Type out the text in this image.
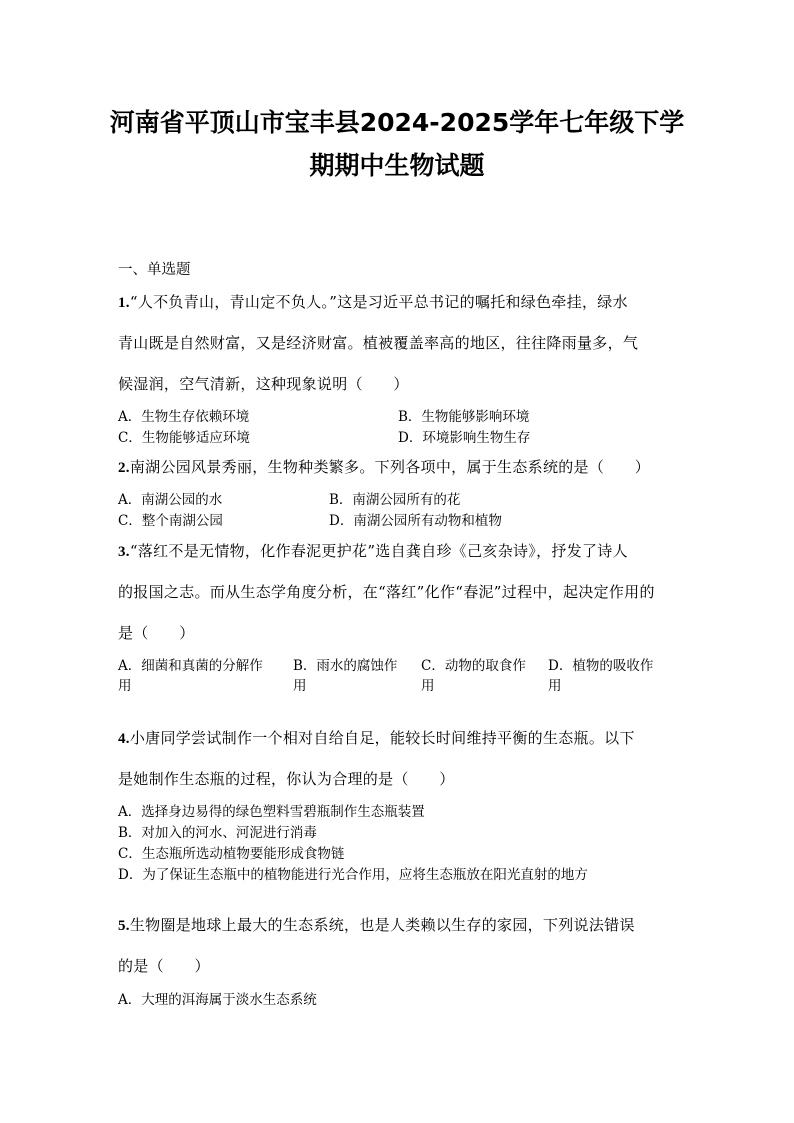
河南省平顶山市宝丰县2024-2025学年七年级下学
期期中生物试题
一、单选题
1.“人不负青山，青山定不负人。”这是习近平总书记的嘱托和绿色牵挂，绿水
青山既是自然财富，又是经济财富。植被覆盖率高的地区，往往降雨量多，气
候湿润，空气清新，这种现象说明（　　）
A．生物生存依赖环境	B．生物能够影响环境
C．生物能够适应环境	D．环境影响生物生存
2.南湖公园风景秀丽，生物种类繁多。下列各项中，属于生态系统的是（　　）
A．南湖公园的水	B．南湖公园所有的花
C．整个南湖公园	D．南湖公园所有动物和植物
3.“落红不是无情物，化作春泥更护花”选自龚自珍《己亥杂诗》，抒发了诗人
的报国之志。而从生态学角度分析，在“落红”化作“春泥”过程中，起决定作用的
是（　　）
A．细菌和真菌的分解作
用
B．雨水的腐蚀作
用
C．动物的取食作
用
D．植物的吸收作
用
4.小唐同学尝试制作一个相对自给自足，能较长时间维持平衡的生态瓶。以下
是她制作生态瓶的过程，你认为合理的是（　　）
A．选择身边易得的绿色塑料雪碧瓶制作生态瓶装置
B．对加入的河水、河泥进行消毒
C．生态瓶所选动植物要能形成食物链
D．为了保证生态瓶中的植物能进行光合作用，应将生态瓶放在阳光直射的地方
5.生物圈是地球上最大的生态系统，也是人类赖以生存的家园，下列说法错误
的是（　　）
A．大理的洱海属于淡水生态系统
